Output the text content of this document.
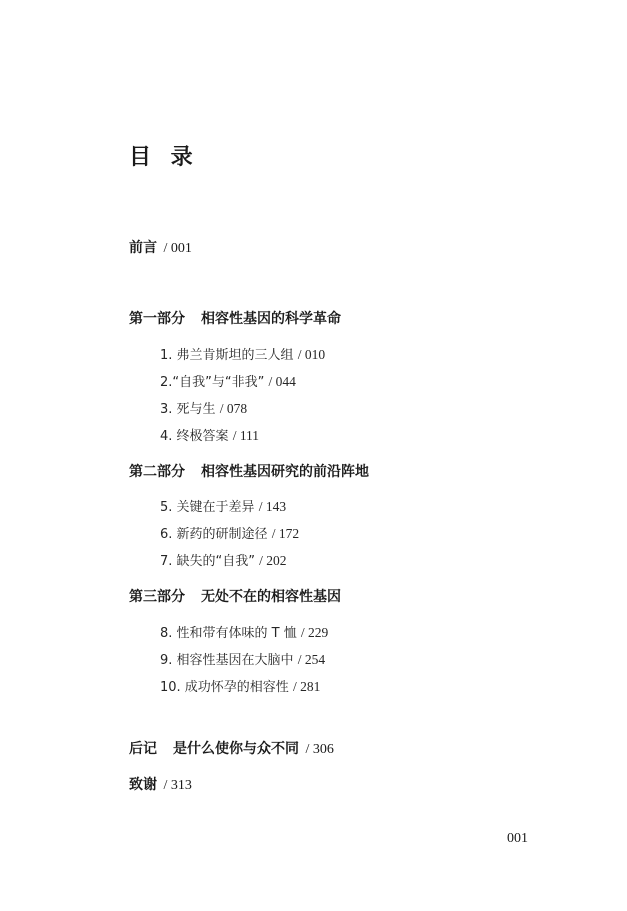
目 录
前言 / 001
第一部分 相容性基因的科学革命
1. 弗兰肯斯坦的三人组 / 010
2.“自我”与“非我” / 044
3. 死与生 / 078
4. 终极答案 / 111
第二部分 相容性基因研究的前沿阵地
5. 关键在于差异 / 143
6. 新药的研制途径 / 172
7. 缺失的“自我” / 202
第三部分 无处不在的相容性基因
8. 性和带有体味的 T 恤 / 229
9. 相容性基因在大脑中 / 254
10. 成功怀孕的相容性 / 281
后记 是什么使你与众不同 / 306
致谢 / 313
001
